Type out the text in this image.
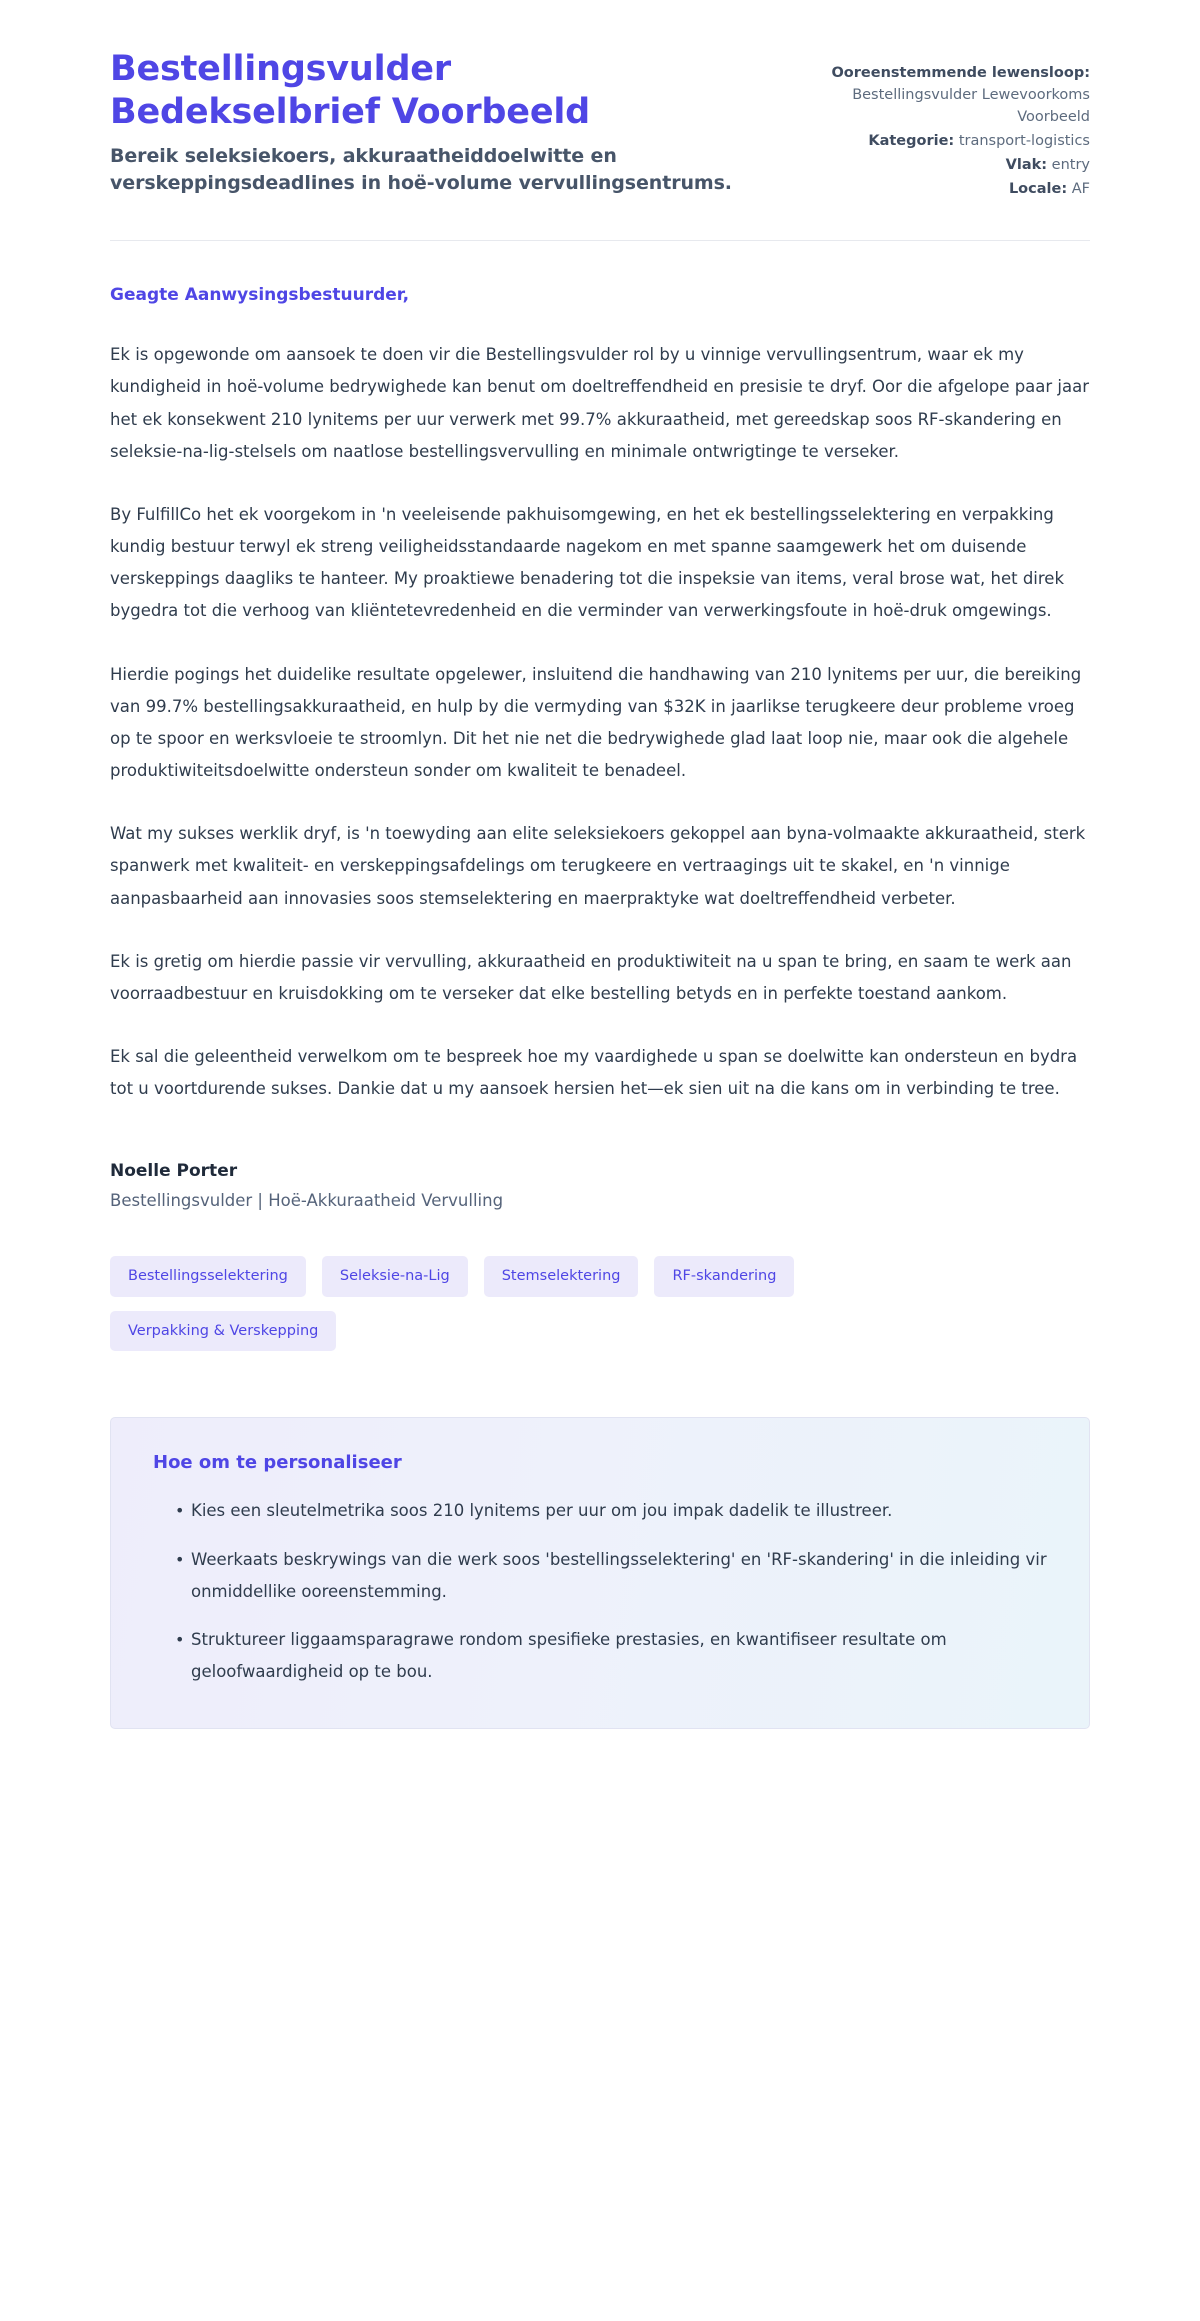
Bestellingsvulder
Bedekselbrief Voorbeeld

Bereik seleksiekoers, akkuraatheiddoelwitte en verskeppingsdeadlines in hoë-volume vervullingsentrums.

Ooreenstemmende lewensloop: Bestellingsvulder Lewevoorkoms Voorbeeld
Kategorie: transport-logistics
Vlak: entry
Locale: AF

Geagte Aanwysingsbestuurder,

Ek is opgewonde om aansoek te doen vir die Bestellingsvulder rol by u vinnige vervullingsentrum, waar ek my kundigheid in hoë-volume bedrywighede kan benut om doeltreffendheid en presisie te dryf. Oor die afgelope paar jaar het ek konsekwent 210 lynitems per uur verwerk met 99.7% akkuraatheid, met gereedskap soos RF-skandering en seleksie-na-lig-stelsels om naatlose bestellingsvervulling en minimale ontwrigtinge te verseker.

By FulfillCo het ek voorgekom in 'n veeleisende pakhuisomgewing, en het ek bestellingsselektering en verpakking kundig bestuur terwyl ek streng veiligheidsstandaarde nagekom en met spanne saamgewerk het om duisende verskeppings daagliks te hanteer. My proaktiewe benadering tot die inspeksie van items, veral brose wat, het direk bygedra tot die verhoog van kliëntetevredenheid en die verminder van verwerkingsfoute in hoë-druk omgewings.

Hierdie pogings het duidelike resultate opgelewer, insluitend die handhawing van 210 lynitems per uur, die bereiking van 99.7% bestellingsakkuraatheid, en hulp by die vermyding van $32K in jaarlikse terugkeere deur probleme vroeg op te spoor en werksvloeie te stroomlyn. Dit het nie net die bedrywighede glad laat loop nie, maar ook die algehele produktiwiteitsdoelwitte ondersteun sonder om kwaliteit te benadeel.

Wat my sukses werklik dryf, is 'n toewyding aan elite seleksiekoers gekoppel aan byna-volmaakte akkuraatheid, sterk spanwerk met kwaliteit- en verskeppingsafdelings om terugkeere en vertraagings uit te skakel, en 'n vinnige aanpasbaarheid aan innovasies soos stemselektering en maerpraktyke wat doeltreffendheid verbeter.

Ek is gretig om hierdie passie vir vervulling, akkuraatheid en produktiwiteit na u span te bring, en saam te werk aan voorraadbestuur en kruisdokking om te verseker dat elke bestelling betyds en in perfekte toestand aankom.

Ek sal die geleentheid verwelkom om te bespreek hoe my vaardighede u span se doelwitte kan ondersteun en bydra tot u voortdurende sukses. Dankie dat u my aansoek hersien het—ek sien uit na die kans om in verbinding te tree.

Noelle Porter

Bestellingsvulder | Hoë-Akkuraatheid Vervulling

Bestellingsselektering	Seleksie-na-Lig	Stemselektering	RF-skandering
Verpakking & Verskepping
Hoe om te personaliseer
• Kies een sleutelmetrika soos 210 lynitems per uur om jou impak dadelik te illustreer.
• Weerkaats beskrywings van die werk soos 'bestellingsselektering' en 'RF-skandering' in die inleiding vir onmiddellike ooreenstemming.
• Struktureer liggaamsparagrawe rondom spesifieke prestasies, en kwantifiseer resultate om geloofwaardigheid op te bou.
